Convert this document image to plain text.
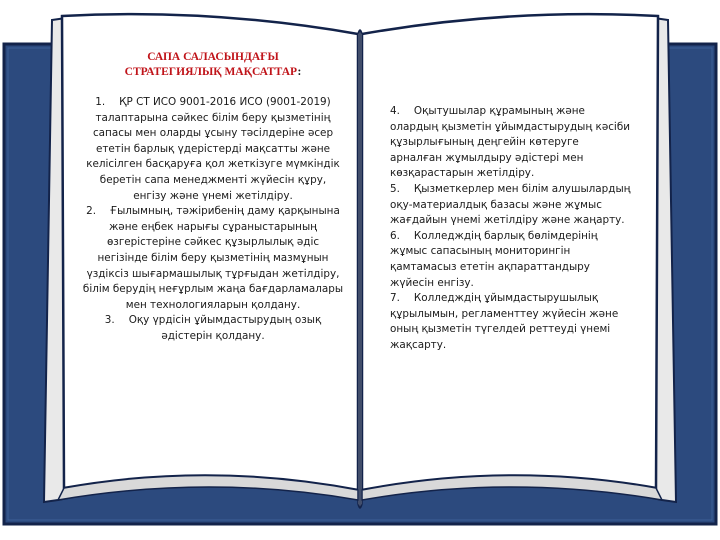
САПА САЛАСЫНДАҒЫ
СТРАТЕГИЯЛЫҚ МАҚСАТТАР:

1. ҚР СТ ИСО 9001-2016 ИСО (9001-2019) талаптарына сәйкес білім беру қызметінің сапасы мен оларды ұсыну тәсілдеріне әсер ететін барлық үдерістерді мақсатты және келісілген басқаруға қол жеткізуге мүмкіндік беретін сапа менеджменті жүйесін құру, енгізу және үнемі жетілдіру.

2. Ғылымның, тәжірибенің даму қарқынына және еңбек нарығы сұраныстарының өзгерістеріне сәйкес құзырлылық әдіс негізінде білім беру қызметінің мазмұнын үздіксіз шығармашылық тұрғыдан жетілдіру, білім берудің неғұрлым жаңа бағдарламалары мен технологияларын қолдану.

3. Оқу үрдісін ұйымдастырудың озық әдістерін қолдану.

4. Оқытушылар құрамының және олардың қызметін ұйымдастырудың кәсіби құзырлығының деңгейін көтеруге арналған жұмылдыру әдістері мен көзқарастарын жетілдіру.

5. Қызметкерлер мен білім алушылардың оқу-материалдық базасы және жұмыс жағдайын үнемі жетілдіру және жаңарту.

6. Колледждің барлық бөлімдерінің жұмыс сапасының мониторингін қамтамасыз ететін ақпараттандыру жүйесін енгізу.

7. Колледждің ұйымдастырушылық құрылымын, регламенттеу жүйесін және оның қызметін түгелдей реттеуді үнемі жақсарту.
